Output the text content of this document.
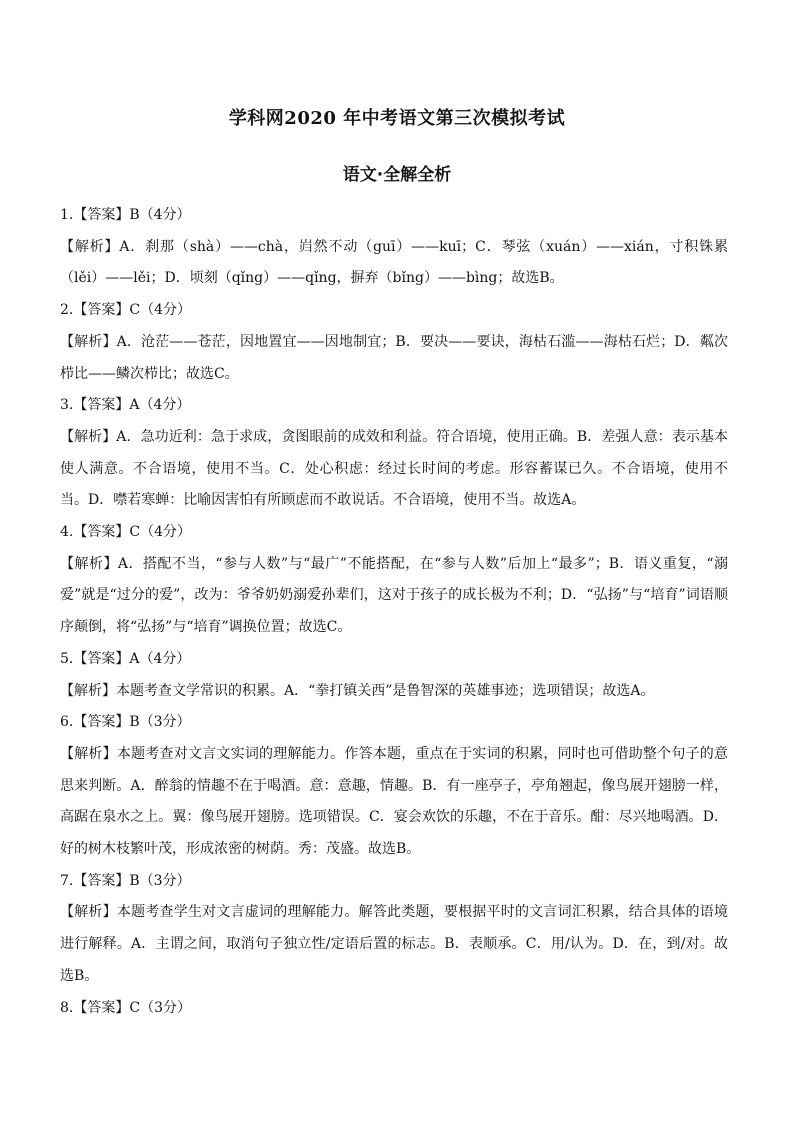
学科网2020 年中考语文第三次模拟考试
语文·全解全析

1.【答案】B（4分）

【解析】A．刹那（shà）——chà，岿然不动（guī）——kuī；C．琴弦（xuán）——xián，寸积铢累（lěi）——lěi；D．顷刻（qǐng）——qǐng，摒弃（bǐng）——bìng；故选B。

2.【答案】C（4分）

【解析】A．沧茫——苍茫，因地置宜——因地制宜；B．要决——要诀，海枯石滥——海枯石烂；D．粼次栉比——鳞次栉比；故选C。

3.【答案】A（4分）

【解析】A．急功近利：急于求成，贪图眼前的成效和利益。符合语境，使用正确。B．差强人意：表示基本使人满意。不合语境，使用不当。C．处心积虑：经过长时间的考虑。形容蓄谋已久。不合语境，使用不当。D．噤若寒蝉：比喻因害怕有所顾虑而不敢说话。不合语境，使用不当。故选A。

4.【答案】C（4分）

【解析】A．搭配不当，“参与人数”与“最广”不能搭配，在“参与人数”后加上“最多”；B．语义重复，“溺爱”就是“过分的爱”，改为：爷爷奶奶溺爱孙辈们，这对于孩子的成长极为不利；D．“弘扬”与“培育”词语顺序颠倒，将“弘扬”与“培育”调换位置；故选C。

5.【答案】A（4分）

【解析】本题考查文学常识的积累。A．“拳打镇关西”是鲁智深的英雄事迹；选项错误；故选A。

6.【答案】B（3分）

【解析】本题考查对文言文实词的理解能力。作答本题，重点在于实词的积累，同时也可借助整个句子的意思来判断。A．醉翁的情趣不在于喝酒。意：意趣，情趣。B．有一座亭子，亭角翘起，像鸟展开翅膀一样，高踞在泉水之上。翼：像鸟展开翅膀。选项错误。C．宴会欢饮的乐趣，不在于音乐。酣：尽兴地喝酒。D．好的树木枝繁叶茂，形成浓密的树荫。秀：茂盛。故选B。

7.【答案】B（3分）

【解析】本题考查学生对文言虚词的理解能力。解答此类题，要根据平时的文言词汇积累，结合具体的语境进行解释。A．主谓之间，取消句子独立性/定语后置的标志。B．表顺承。C．用/认为。D．在，到/对。故选B。

8.【答案】C（3分）
